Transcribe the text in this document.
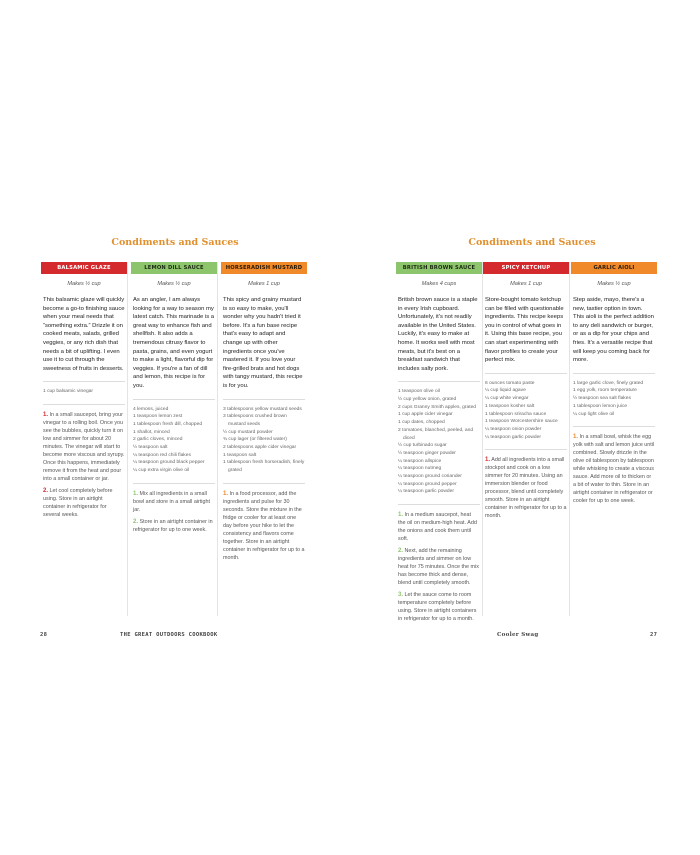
Condiments and Sauces	Condiments and Sauces
28	THE GREAT OUTDOORS COOKBOOK	Cooler Swag	27
BALSAMIC GLAZE
Makes ½ cup
This balsamic glaze will quickly become a go-to finishing sauce when your meal needs that “something extra.” Drizzle it on cooked meats, salads, grilled veggies, or any rich dish that needs a bit of uplifting. I even use it to cut through the sweetness of fruits in desserts.
1 cup balsamic vinegar
1. In a small saucepot, bring your vinegar to a rolling boil. Once you see the bubbles, quickly turn it on low and simmer for about 20 minutes. The vinegar will start to become more viscous and syrupy. Once this happens, immediately remove it from the heat and pour into a small container or jar.
2. Let cool completely before using. Store in an airtight container in refrigerator for several weeks.
LEMON DILL SAUCE
Makes ½ cup
As an angler, I am always looking for a way to season my latest catch. This marinade is a great way to enhance fish and shellfish. It also adds a tremendous citrusy flavor to pasta, grains, and even yogurt to make a light, flavorful dip for veggies. If you're a fan of dill and lemon, this recipe is for you.
4 lemons, juiced
1 teaspoon lemon zest
1 tablespoon fresh dill, chopped
1 shallot, minced
2 garlic cloves, minced
½ teaspoon salt
¼ teaspoon red chili flakes
¼ teaspoon ground black pepper
¼ cup extra virgin olive oil
1. Mix all ingredients in a small bowl and store in a small airtight jar.
2. Store in an airtight container in refrigerator for up to one week.
HORSERADISH MUSTARD
Makes 1 cup
This spicy and grainy mustard is so easy to make, you'll wonder why you hadn't tried it before. It's a fun base recipe that's easy to adapt and change up with other ingredients once you've mastered it. If you love your fire-grilled brats and hot dogs with tangy mustard, this recipe is for you.
3 tablespoons yellow mustard seeds
3 tablespoons crushed brown mustard seeds
½ cup mustard powder
¾ cup lager (or filtered water)
2 tablespoons apple cider vinegar
1 teaspoon salt
1 tablespoon fresh horseradish, finely grated
1. In a food processor, add the ingredients and pulse for 30 seconds. Store the mixture in the fridge or cooler for at least one day before your hike to let the consistency and flavors come together. Store in an airtight container in refrigerator for up to a month.
BRITISH BROWN SAUCE
Makes 4 cups
British brown sauce is a staple in every Irish cupboard. Unfortunately, it's not readily available in the United States. Luckily, it's easy to make at home. It works well with most meats, but it's best on a breakfast sandwich that includes salty pork.
1 teaspoon olive oil
½ cup yellow onion, grated
2 cups Granny Smith apples, grated
1 cup apple cider vinegar
1 cup dates, chopped
2 tomatoes, blanched, peeled, and diced
½ cup turbinado sugar
½ teaspoon ginger powder
¼ teaspoon allspice
¼ teaspoon nutmeg
¼ teaspoon ground coriander
¼ teaspoon ground pepper
¼ teaspoon garlic powder
1. In a medium saucepot, heat the oil on medium-high heat. Add the onions and cook them until soft.
2. Next, add the remaining ingredients and simmer on low heat for 75 minutes. Once the mix has become thick and dense, blend until completely smooth.
3. Let the sauce come to room temperature completely before using. Store in airtight containers in refrigerator for up to a month.
SPICY KETCHUP
Makes 1 cup
Store-bought tomato ketchup can be filled with questionable ingredients. This recipe keeps you in control of what goes in it. Using this base recipe, you can start experimenting with flavor profiles to create your perfect mix.
6 ounces tomato paste
¼ cup liquid agave
¼ cup white vinegar
1 teaspoon kosher salt
1 tablespoon sriracha sauce
1 teaspoon Worcestershire sauce
¼ teaspoon onion powder
¼ teaspoon garlic powder
1. Add all ingredients into a small stockpot and cook on a low simmer for 20 minutes. Using an immersion blender or food processor, blend until completely smooth. Store in an airtight container in refrigerator for up to a month.
GARLIC AIOLI
Makes ½ cup
Step aside, mayo, there's a new, tastier option in town. This aioli is the perfect addition to any deli sandwich or burger, or as a dip for your chips and fries. It's a versatile recipe that will keep you coming back for more.
1 large garlic clove, finely grated
1 egg yolk, room temperature
½ teaspoon sea salt flakes
1 tablespoon lemon juice
¼ cup light olive oil
1. In a small bowl, whisk the egg yolk with salt and lemon juice until combined. Slowly drizzle in the olive oil tablespoon by tablespoon while whisking to create a viscous sauce. Add more oil to thicken or a bit of water to thin. Store in an airtight container in refrigerator or cooler for up to one week.
